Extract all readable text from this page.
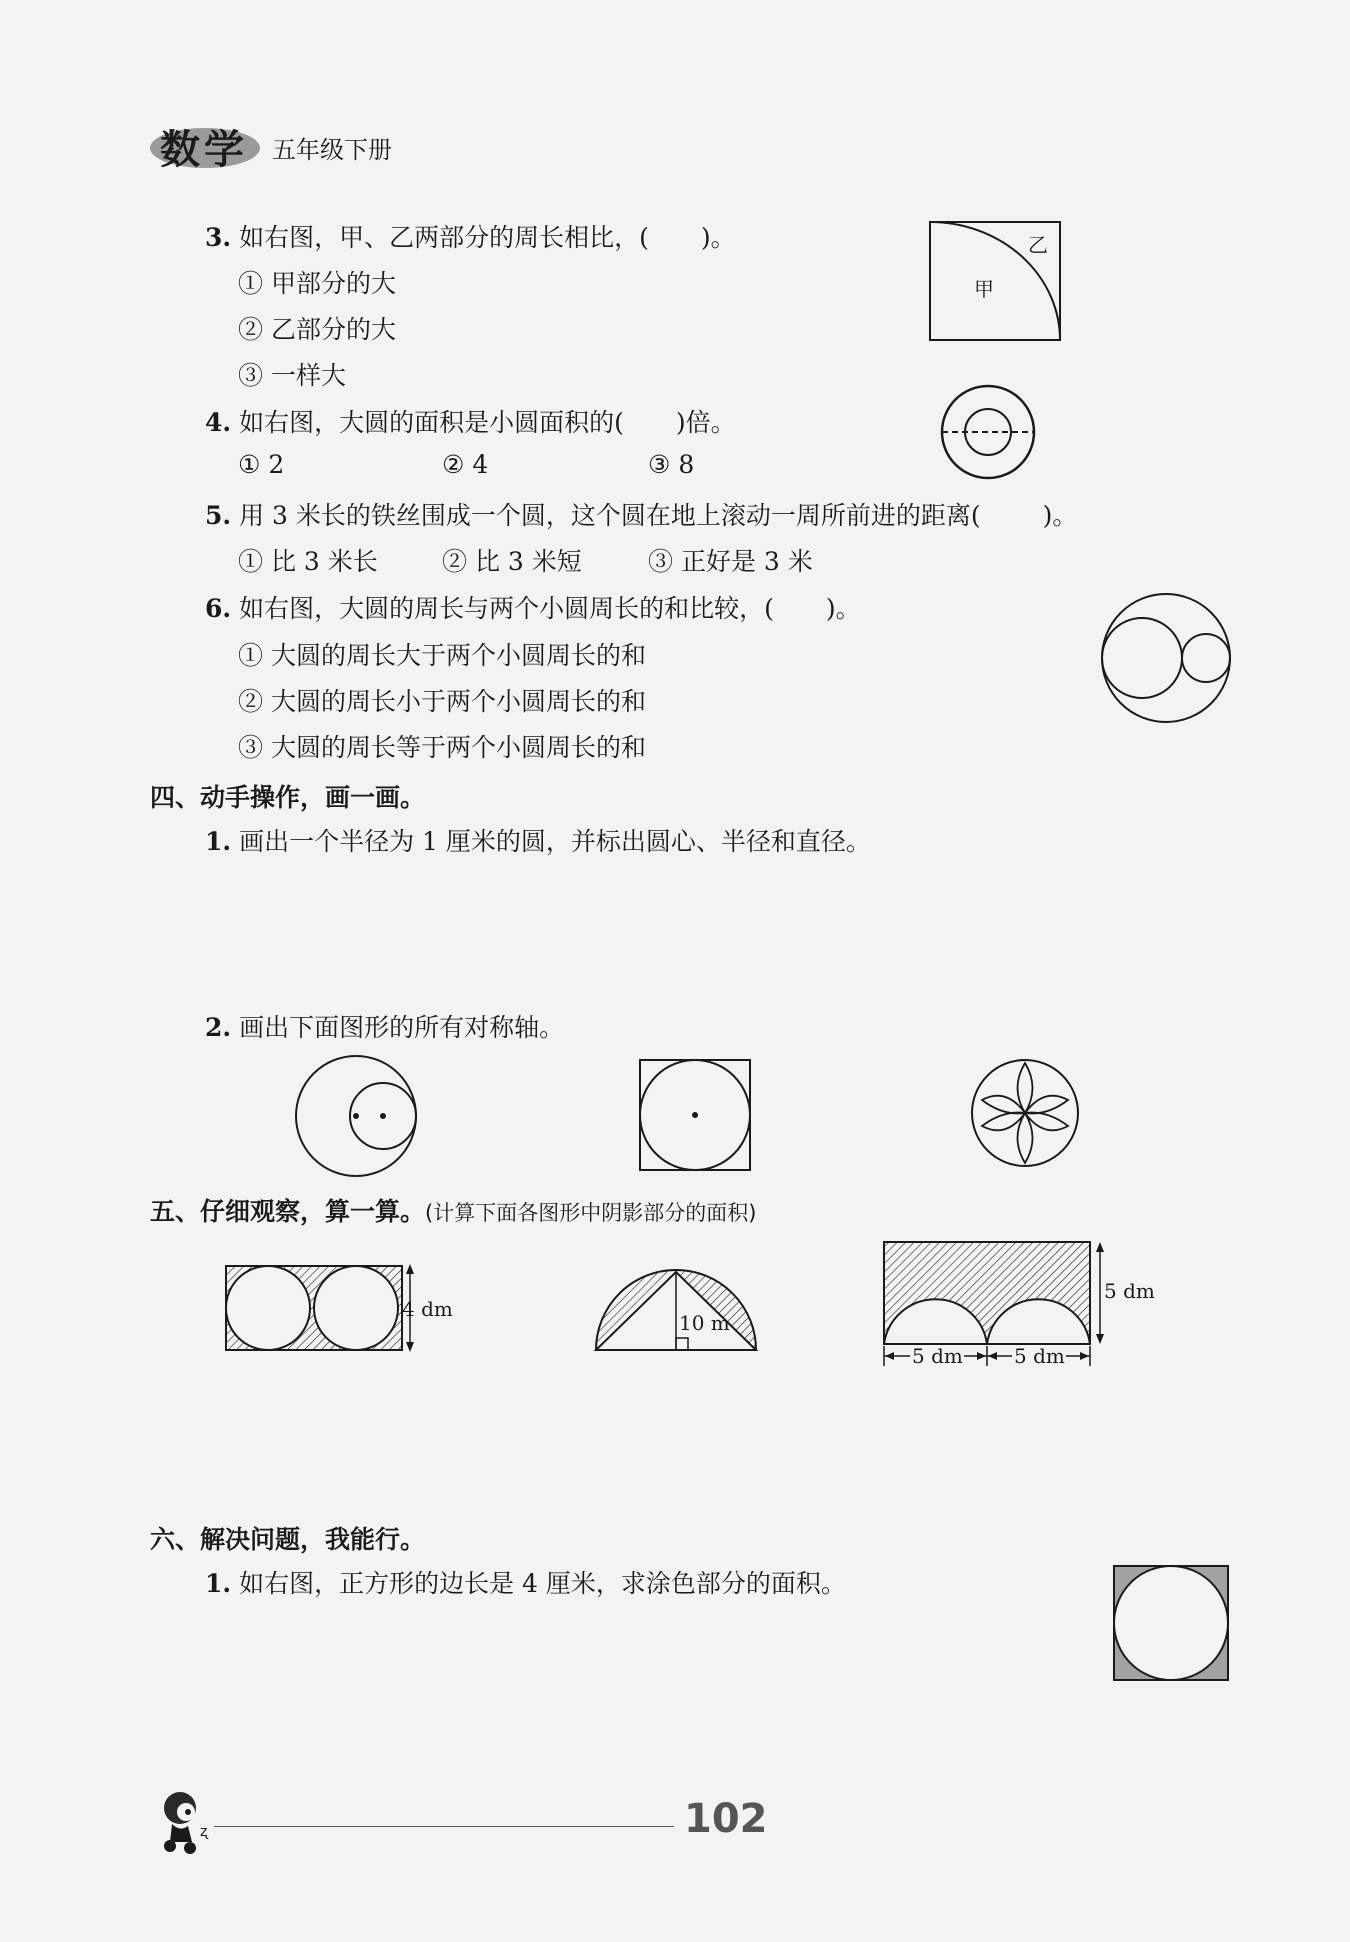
数学 五年级下册
3. 如右图，甲、乙两部分的周长相比，( )。
① 甲部分的大
② 乙部分的大
③ 一样大
甲
乙
4. 如右图，大圆的面积是小圆面积的( )倍。
① 2	② 4	③ 8
5. 用 3 米长的铁丝围成一个圆，这个圆在地上滚动一周所前进的距离( )。
① 比 3 米长	② 比 3 米短	③ 正好是 3 米
6. 如右图，大圆的周长与两个小圆周长的和比较，( )。
① 大圆的周长大于两个小圆周长的和
② 大圆的周长小于两个小圆周长的和
③ 大圆的周长等于两个小圆周长的和
四、动手操作，画一画。
1. 画出一个半径为 1 厘米的圆，并标出圆心、半径和直径。
2. 画出下面图形的所有对称轴。
五、仔细观察，算一算。(计算下面各图形中阴影部分的面积)
4 dm
10 m
5 dm
5 dm	5 dm
六、解决问题，我能行。
1. 如右图，正方形的边长是 4 厘米，求涂色部分的面积。
ʐ	102
